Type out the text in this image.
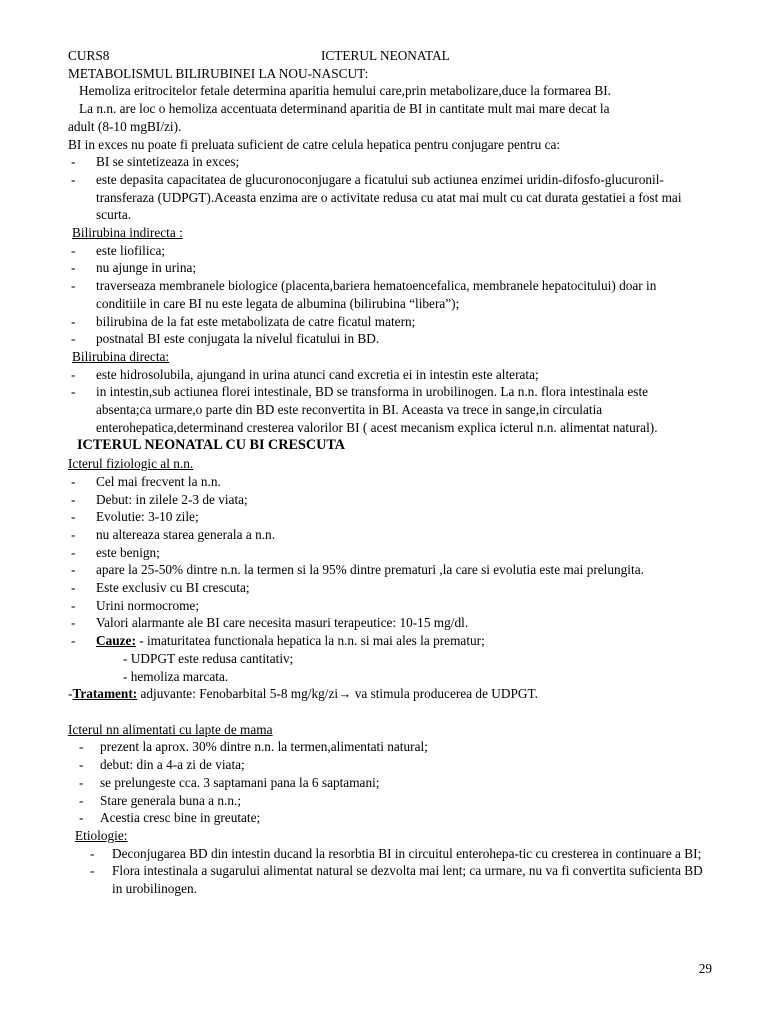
CURS8	ICTERUL NEONATAL
METABOLISMUL BILIRUBINEI LA NOU-NASCUT:
Hemoliza eritrocitelor fetale determina aparitia hemului care,prin metabolizare,duce la formarea BI.
La n.n. are loc o hemoliza accentuata determinand aparitia de BI in cantitate mult mai mare decat la
adult (8-10 mgBI/zi).
BI in exces nu poate fi preluata suficient de catre celula hepatica pentru conjugare pentru ca:
- BI se sintetizeaza in exces;
- este depasita capacitatea de glucuronoconjugare a ficatului sub actiunea enzimei uridin-difosfo-glucuronil-transferaza (UDPGT).Aceasta enzima are o activitate redusa cu atat mai mult cu cat durata gestatiei a fost mai scurta.
Bilirubina indirecta :
- este liofilica;
- nu ajunge in urina;
- traverseaza membranele biologice (placenta,bariera hematoencefalica, membranele hepatocitului) doar in conditiile in care BI nu este legata de albumina (bilirubina “libera”);
- bilirubina de la fat este metabolizata de catre ficatul matern;
- postnatal BI este conjugata la nivelul ficatului in BD.
Bilirubina directa:
- este hidrosolubila, ajungand in urina atunci cand excretia ei in intestin este alterata;
- in intestin,sub actiunea florei intestinale, BD se transforma in urobilinogen. La n.n. flora intestinala este absenta;ca urmare,o parte din BD este reconvertita in BI. Aceasta va trece in sange,in circulatia enterohepatica,determinand cresterea valorilor BI ( acest mecanism explica icterul n.n. alimentat natural).
ICTERUL NEONATAL CU BI CRESCUTA
Icterul fiziologic al n.n.
- Cel mai frecvent la n.n.
- Debut: in zilele 2-3 de viata;
- Evolutie: 3-10 zile;
- nu altereaza starea generala a n.n.
- este benign;
- apare la 25-50% dintre n.n. la termen si la 95% dintre prematuri ,la care si evolutia este mai prelungita.
- Este exclusiv cu BI crescuta;
- Urini normocrome;
- Valori alarmante ale BI care necesita masuri terapeutice: 10-15 mg/dl.
- Cauze: - imaturitatea functionala hepatica la n.n. si mai ales la prematur;
- UDPGT este redusa cantitativ;
- hemoliza marcata.
-Tratament: adjuvante: Fenobarbital 5-8 mg/kg/zi→ va stimula producerea de UDPGT.
Icterul nn alimentati cu lapte de mama
- prezent la aprox. 30% dintre n.n. la termen,alimentati natural;
- debut: din a 4-a zi de viata;
- se prelungeste cca. 3 saptamani pana la 6 saptamani;
- Stare generala buna a n.n.;
- Acestia cresc bine in greutate;
Etiologie:
- Deconjugarea BD din intestin ducand la resorbtia BI in circuitul enterohepa-tic cu cresterea in continuare a BI;
- Flora intestinala a sugarului alimentat natural se dezvolta mai lent; ca urmare, nu va fi convertita suficienta BD in urobilinogen.
29
